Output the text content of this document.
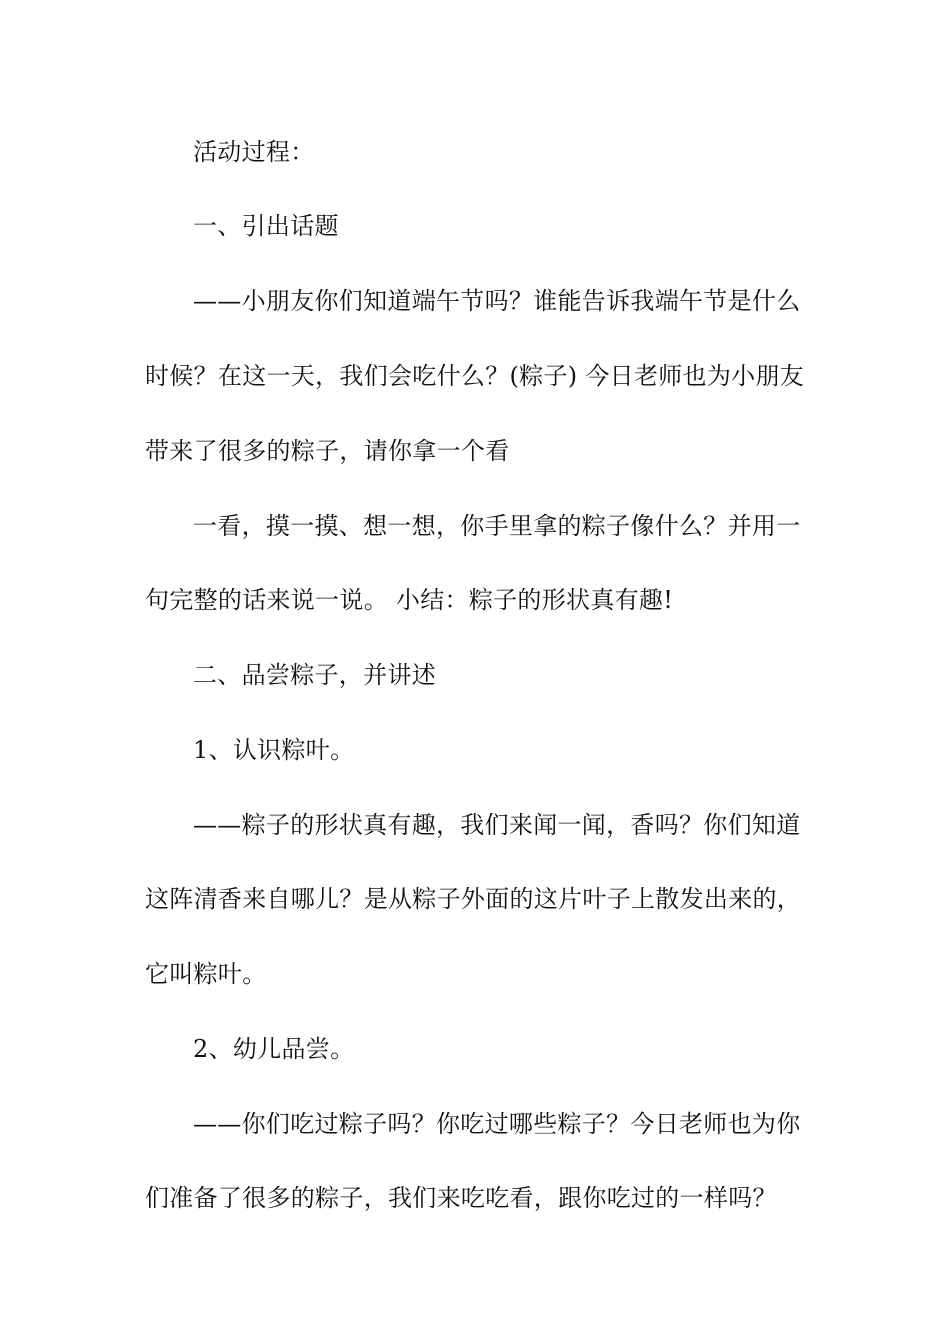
活动过程：
一、引出话题
——小朋友你们知道端午节吗？谁能告诉我端午节是什么
时候？在这一天，我们会吃什么？(粽子) 今日老师也为小朋友
带来了很多的粽子，请你拿一个看
一看，摸一摸、想一想，你手里拿的粽子像什么？并用一
句完整的话来说一说。 小结：粽子的形状真有趣!
二、品尝粽子，并讲述
1、认识粽叶。
——粽子的形状真有趣，我们来闻一闻，香吗？你们知道
这阵清香来自哪儿？是从粽子外面的这片叶子上散发出来的，
它叫粽叶。
2、幼儿品尝。
——你们吃过粽子吗？你吃过哪些粽子？今日老师也为你
们准备了很多的粽子，我们来吃吃看，跟你吃过的一样吗？
